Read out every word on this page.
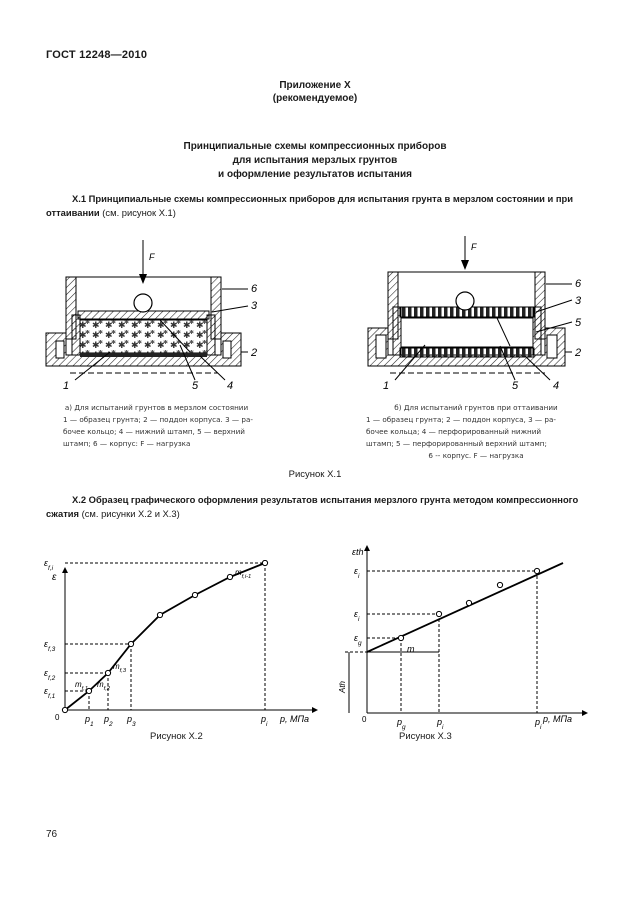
ГОСТ 12248—2010
Приложение Х
(рекомендуемое)
Принципиальные схемы компрессионных приборов
для испытания мерзлых грунтов
и оформление результатов испытания
Х.1 Принципиальные схемы компрессионных приборов для испытания грунта в мерзлом состоянии и при оттаивании (см. рисунок Х.1)
F
6
3
2
4
5
1
F
6
3
5
2
4
5
1
а) Для испытаний грунтов в мерзлом состоянии
1 — образец грунта; 2 — поддон корпуса. 3 — ра-
бочее кольцо; 4 — нижний штамп, 5 — верхний
штамп; 6 — корпус: F — нагрузка
б) Для испытаний грунтов при оттаивании
1 — образец грунта; 2 — поддон корпуса, 3 — ра-
бочее кольца; 4 — перфорированный нижний
штамп; 5 — перфорированный верхний штамп;
6 -- корпус. F — нагрузка
Рисунок Х.1
Х.2 Образец графического оформления результатов испытания мерзлого грунта методом компрессионного сжатия (см. рисунки Х.2 и Х.3)
ε
p, МПа
0	$p_1$ $p_2$ $p_3$	$p_i$
$\varepsilon_{f,1}$
$\varepsilon_{f,2}$
$\varepsilon_{f,3}$
$\varepsilon_{f,i}$
$m_{f,1}$ $m_{f,2}$
$m_{f,3}$
$m_{f,i-1}$
Рисунок Х.2
εth
p, МПа
0	$p_g$	$p_i$	$p_i$
$\varepsilon_i$
$\varepsilon_i$
$\varepsilon_g$
m
Ath
Рисунок Х.3
76
